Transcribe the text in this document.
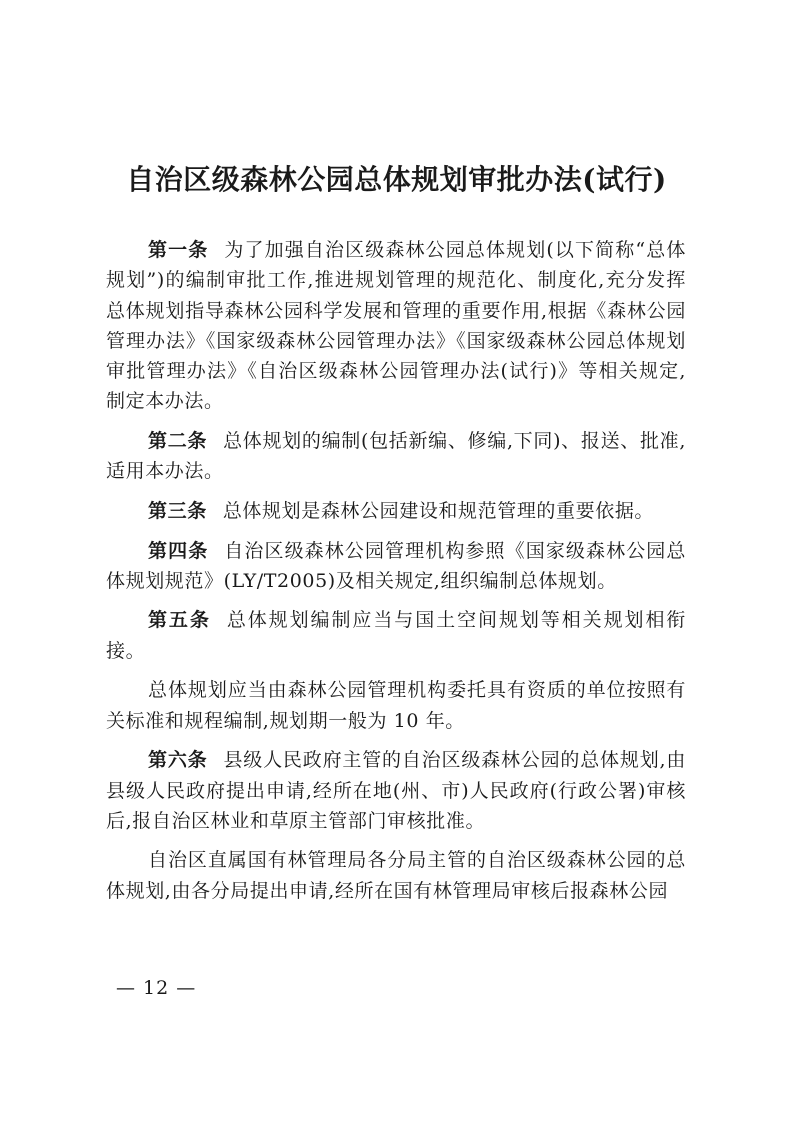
自治区级森林公园总体规划审批办法(试行)

第一条 为了加强自治区级森林公园总体规划(以下简称“总体规划”)的编制审批工作,推进规划管理的规范化、制度化,充分发挥总体规划指导森林公园科学发展和管理的重要作用,根据《森林公园管理办法》《国家级森林公园管理办法》《国家级森林公园总体规划审批管理办法》《自治区级森林公园管理办法(试行)》等相关规定,制定本办法。

第二条 总体规划的编制(包括新编、修编,下同)、报送、批准,适用本办法。

第三条 总体规划是森林公园建设和规范管理的重要依据。

第四条 自治区级森林公园管理机构参照《国家级森林公园总体规划规范》(LY/T2005)及相关规定,组织编制总体规划。

第五条 总体规划编制应当与国土空间规划等相关规划相衔接。

总体规划应当由森林公园管理机构委托具有资质的单位按照有关标准和规程编制,规划期一般为 10 年。

第六条 县级人民政府主管的自治区级森林公园的总体规划,由县级人民政府提出申请,经所在地(州、市)人民政府(行政公署)审核后,报自治区林业和草原主管部门审核批准。

自治区直属国有林管理局各分局主管的自治区级森林公园的总体规划,由各分局提出申请,经所在国有林管理局审核后报森林公园

— 12 —
